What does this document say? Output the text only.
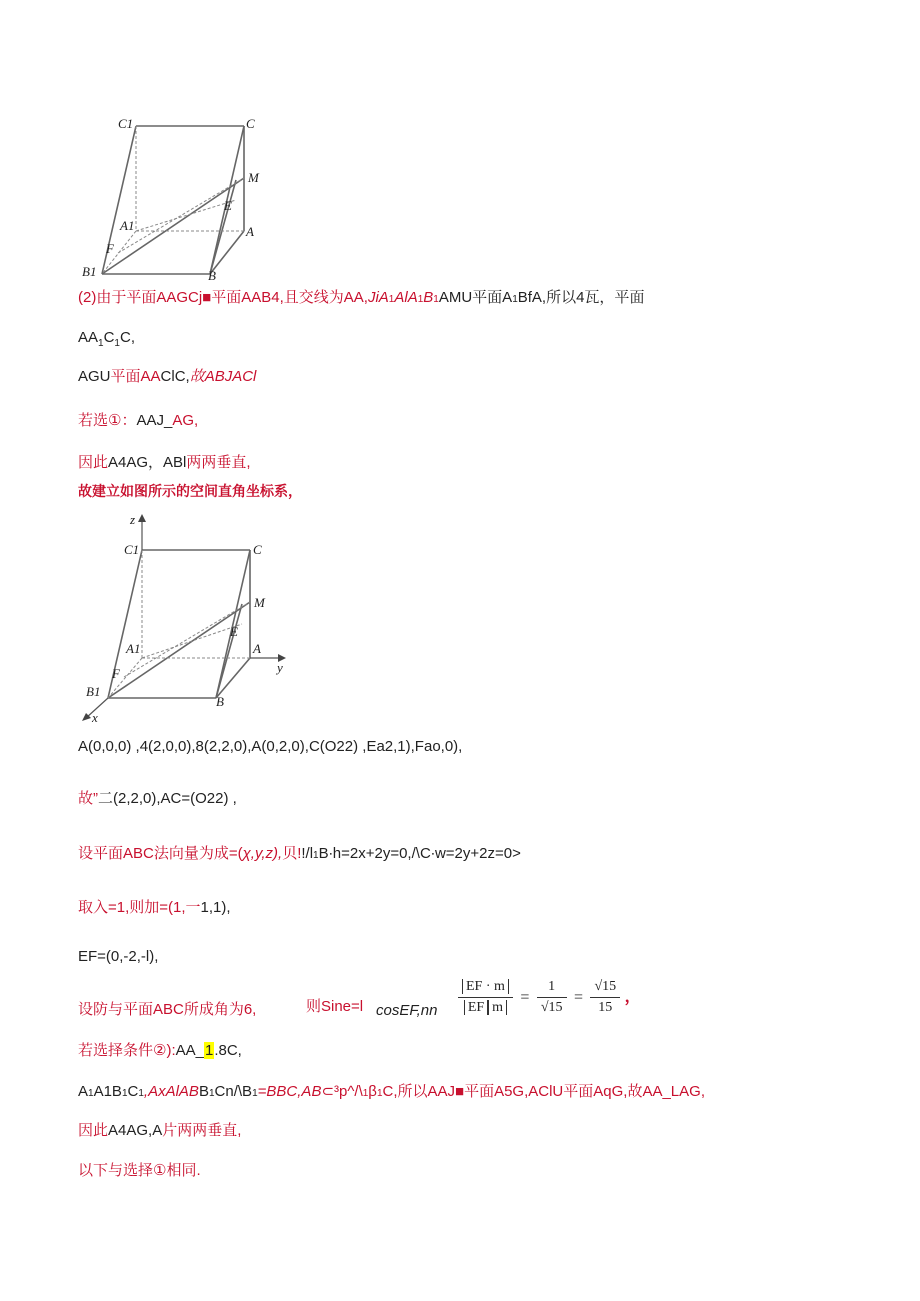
C1	C
M
E
A1	A
F
B1	B
(2)由于平面AAGCj■平面AAB4,且交线为AA,JiA1AlA1B1AMU平面A1BfA,所以4瓦，平面
$AA_1C_1C$,
AGU平面AAClC,故ABJACl
若选①：AAJ_AG,
因此A4AG，ABl两两垂直,
故建立如图所示的空间直角坐标系，
z
C1	C
M
E
A1	A
y
F
B1
B
x
A(0,0,0) ,4(2,0,0),8(2,2,0),A(0,2,0),C(O22) ,Ea2,1),Fao,0),
故”二(2,2,0),AC=(O22) ,
设平面ABC法向量为成=(χ,y,z),贝!!/l1B∙h=2x+2y=0,/\C∙w=2y+2z=0>
取入=1,则加=(1,一1,1),
EF=(0,-2,-l),
设防与平面ABC所成角为6,	则Sine=l cosEF,nn $\frac{EF \cdot m}{\text{EF m}} = \frac{1}{√15} = \frac{√15}{15}$ ，
若选择条件②):AA_1.8C,
A1A1B1C1,AxAlABB1Cn/\B1=BBC,AB⊂³p^/\1β1C,所以AAJ■平面A5G,AClU平面AqG,故AA_LAG,
因此A4AG,A片两两垂直,
以下与选择①相同.
